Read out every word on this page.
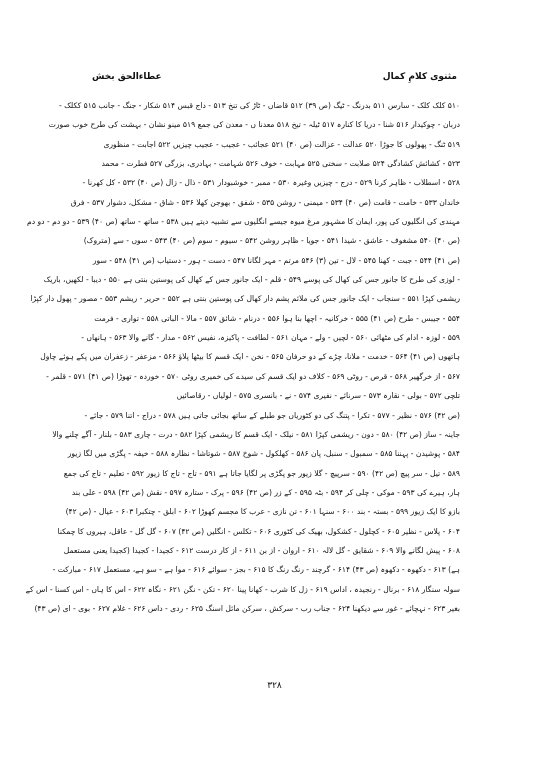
مثنوی کلامِ کمال
عطاءالحق بخش
۵۱۰ کلک کلک - سارس ۵۱۱ بدرنگ - ٹیگ (ص ۳۹) ۵۱۲ قاضاں - ٹاڑ کی تنخ ۵۱۳ - داج قبس ۵۱۴ شکار - جنگ - جانب ۵۱۵ ککلک -
دربان - چوکیدار ۵۱۶ شنا - دریا کا کنارہ ۵۱۷ ٹیلہ - تیخ ۵۱۸ معدنا ں - معدن کی جمع ۵۱۹ مینو نشان - بہشت کی طرح خوب صورت
۵۱۹ ٹنگ - پھولوں کا جوڑا ۵۲۰ عدالت - عزالت (ص ۴۰) ۵۲۱ عجائب - عجیب - عجیب چیزیں ۵۲۲ اجابت - منظوری
۵۲۳ - کشائش کشادگی ۵۲۴ صلابت - سختی ۵۲۵ مہابت - خوف ۵۲۶ شہامت - بہادری، بزرگی ۵۲۷ فطرت - محمد
۵۲۸ - اسطلاب - ظاہر کرنا ۵۲۹ - درج - چیزیں وغیرہ ۵۳۰ - ممبر - خوشبودار ۵۳۱ - ذال - زال (ص ۴۰) ۵۳۲ - کل کھرنا -
خاندان ۵۳۳ - خامت - قامت (ص ۴۰) ۵۳۴ - میمنی - روشن ۵۳۵ - شفق - بھوجن کھلا ۵۳۶ - شاق - مشکل، دشوار ۵۳۷ - فرق
مہندی کی انگلیوں کی پور، ایمان کا مشہور مرغ میوہ جیسے انگلیوں سے تشبیہ دیتے ہیں ۵۳۸ - ساتھ - ساتھ (ص ۴۰) ۵۳۹ - دو دم - دو دم
(ص ۴۰) ۵۴۰ مشغوف - عاشق - شیدا ۵۴۱ - جویا - ظاہر روشن ۵۴۲ - سیوم - سوم (ص ۴۰) ۵۴۳ - سوں - سے (متروک)
(ص ۴۱) ۵۴۴ - جبت - کھنا ۵۴۵ - لال - تین (۳) ۵۴۶ مرتم - مہر لگانا ۵۴۷ - دست - ہور - دستیاب (ص ۴۱) ۵۴۸ - سور
- لوزی کی طرح کا جانور جس کی کھال کی پوسے ۵۴۹ - قلم - ایک جانور جس کے کھال کی پوستین بنتی ہے ۵۵۰ - دیبا - لکھیں، باریک
ریشمی کپڑا ۵۵۱ - سنجاب - ایک جانور جس کی ملائم پشم دار کھال کی پوستین بنتی ہے ۵۵۲ - حریر - ریشم ۵۵۳ - مصور - پھول دار کپڑا
۵۵۴ - جیبس - طرح (ص ۴۱) ۵۵۵ - خرکانیہ - اچھا بنا ہوا ۵۵۶ - درنام - شائق ۵۵۷ - مالا - الباتی ۵۵۸ - تواری - فرمت
۵۵۹ - لوزہ - ادام کی مٹھائی ۵۶۰ - لچیں - ولے - مہان ۵۶۱ - لطافت - پاکیزہ، نفیس ۵۶۲ - مدار - گانے والا ۵۶۳ - ہانھاں -
ہاتھوں (ص ۴۱) ۵۶۴ - خدمت - ملانا، چڑے کے دو حرفان ۵۶۵ - نخن - ایک قسم کا بیٹھا پلاؤ ۵۶۶ - مزعفر - زعفران میں پکے ہوئے چاول
۵۶۷ - از خرگھیر ۵۶۸ - قرص - روٹی ۵۶۹ - کلاف دو ایک قسم کی سیدے کی خمیری روٹی ۵۷۰ - خوردہ - تھوڑا (ص ۴۱) ۵۷۱ - قلمر -
تلچی ۵۷۲ - بولی - نقارہ ۵۷۳ - سرنائے - نفیری ۵۷۴ - نے - بانسری ۵۷۵ - لولیاں - رقاصائیں
(ص ۴۲) ۵۷۶ - نظیر - ۵۷۷ - تکرا - پتنگ کی دو کٹوریاں جو طبلے کے ساتھ بجائی جاتی ہیں ۵۷۸ - دراج - اتنا ۵۷۹ - جائے -
جاینہ - ساز (ص ۴۲) ۵۸۰ - دون - ریشمی کپڑا ۵۸۱ - نیلک - ایک قسم کا ریشمی کپڑا ۵۸۲ - درت - چاری ۵۸۳ - بلنار - آگے چلنے والا
۵۸۴ - پوشیدن - پہننا ۵۸۵ - سمبول - سنبل، پان ۵۸۶ - کھلکول - شوخ ۵۸۷ - شوتاشا - نظارہ ۵۸۸ - خیفہ - پگڑی میں لگا زیور
۵۸۹ - تیل - سر پیچ (ص ۴۲) ۵۹۰ - سرپیچ - گلا زیور جو پگڑی پر لگایا جاتا ہے ۵۹۱ - تاج - تاج کا زیور ۵۹۲ - تعلیم - تاج کی جمع
ہار، ہیرے کی ۵۹۳ - موکی - چلی کر ۵۹۴ - بٹہ ۵۹۵ - کے زر (ص ۴۲) ۵۹۶ - پرک - ستارہ ۵۹۷ - نقش (ص ۴۲) ۵۹۸ - علی بند
بازو کا ایک زیور ۵۹۹ - بستہ - بند ۶۰۰ - سنہا ۶۰۱ - تن نازی - عرب کا مجسم کھوڑا ۶۰۲ - ابلق - چتکبرا ۶۰۳ - عیال - (ص ۴۲)
۶۰۴ - پلاس - نظیر ۶۰۵ - کچلول - کشکول، بھیک کی کٹوری ۶۰۶ - تکلس - انگلیں (ص ۴۲) ۶۰۷ - گل گل - عاقل، ہیروں کا چمکنا
۶۰۸ - پیش لگانے والا ۶۰۹ - شقایق - گل لالہ ۶۱۰ - اروان - از بن ۶۱۱ - از کار درست ۶۱۲ - کجیدا - کجیدا (کجیدا یعنی مستعمل
ہے) ۶۱۳ - دکھوہ - دکھوہ (ص ۴۳) ۶۱۴ - گرچند - رنگ رنگ کا ۶۱۵ - بجز - سوائے ۶۱۶ - موا ہے - سو ہے، مستعمل ۶۱۷ - مبارکت -
سولہ سنگار ۶۱۸ - برنال - رنجیدہ ، اداس ۶۱۹ - زل کا شرب - کھانا پینا ۶۲۰ - تکن - نگن ۶۲۱ - نگاہ ۶۲۲ - اس کا ہاں - اس کسنا - اس کے
بغیر ۶۲۳ - نہچائے - غور سے دیکھنا ۶۲۴ - جناب رب - سرکش ، سرکن مائل اسنگ ۶۲۵ - ردی - داس ۶۲۶ - غلام ۶۲۷ - بوی - ای (ص ۴۳)
۳۲۸
